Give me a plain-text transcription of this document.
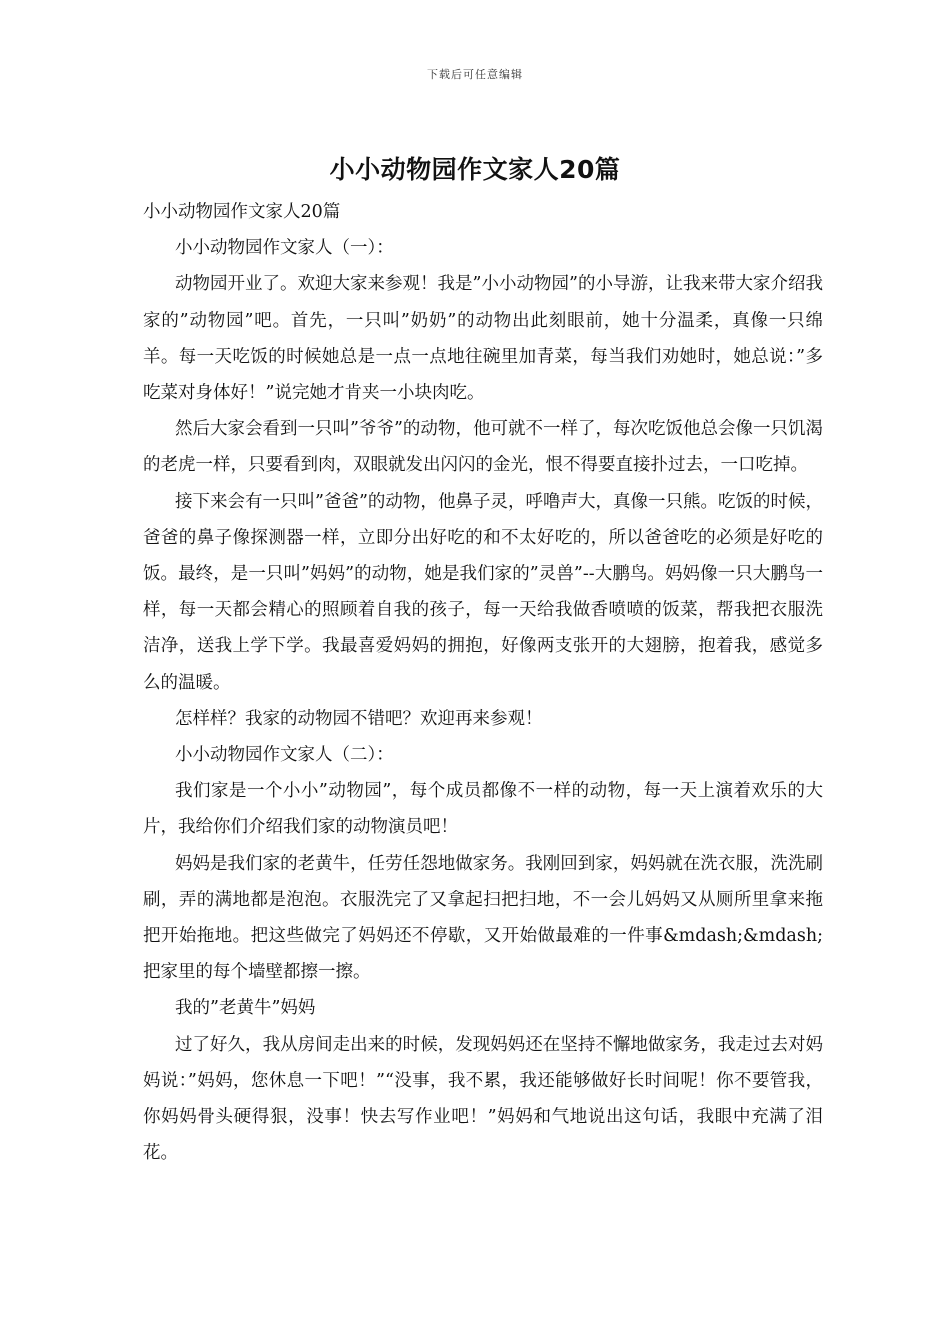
下载后可任意编辑
小小动物园作文家人20篇

小小动物园作文家人20篇

小小动物园作文家人（一）：

动物园开业了。欢迎大家来参观！我是”小小动物园”的小导游，让我来带大家介绍我家的”动物园”吧。首先，一只叫”奶奶”的动物出此刻眼前，她十分温柔，真像一只绵羊。每一天吃饭的时候她总是一点一点地往碗里加青菜，每当我们劝她时，她总说：”多吃菜对身体好！”说完她才肯夹一小块肉吃。

然后大家会看到一只叫”爷爷”的动物，他可就不一样了，每次吃饭他总会像一只饥渴的老虎一样，只要看到肉，双眼就发出闪闪的金光，恨不得要直接扑过去，一口吃掉。

接下来会有一只叫”爸爸”的动物，他鼻子灵，呼噜声大，真像一只熊。吃饭的时候，爸爸的鼻子像探测器一样，立即分出好吃的和不太好吃的，所以爸爸吃的必须是好吃的饭。最终，是一只叫”妈妈”的动物，她是我们家的”灵兽”--大鹏鸟。妈妈像一只大鹏鸟一样，每一天都会精心的照顾着自我的孩子，每一天给我做香喷喷的饭菜，帮我把衣服洗洁净，送我上学下学。我最喜爱妈妈的拥抱，好像两支张开的大翅膀，抱着我，感觉多么的温暖。

怎样样？我家的动物园不错吧？欢迎再来参观！

小小动物园作文家人（二）：

我们家是一个小小”动物园”，每个成员都像不一样的动物，每一天上演着欢乐的大片，我给你们介绍我们家的动物演员吧！

妈妈是我们家的老黄牛，任劳任怨地做家务。我刚回到家，妈妈就在洗衣服，洗洗刷刷，弄的满地都是泡泡。衣服洗完了又拿起扫把扫地，不一会儿妈妈又从厕所里拿来拖把开始拖地。把这些做完了妈妈还不停歇，又开始做最难的一件事&mdash;&mdash;把家里的每个墙壁都擦一擦。

我的”老黄牛”妈妈

过了好久，我从房间走出来的时候，发现妈妈还在坚持不懈地做家务，我走过去对妈妈说：”妈妈，您休息一下吧！”“没事，我不累，我还能够做好长时间呢！你不要管我，你妈妈骨头硬得狠，没事！快去写作业吧！”妈妈和气地说出这句话，我眼中充满了泪花。
